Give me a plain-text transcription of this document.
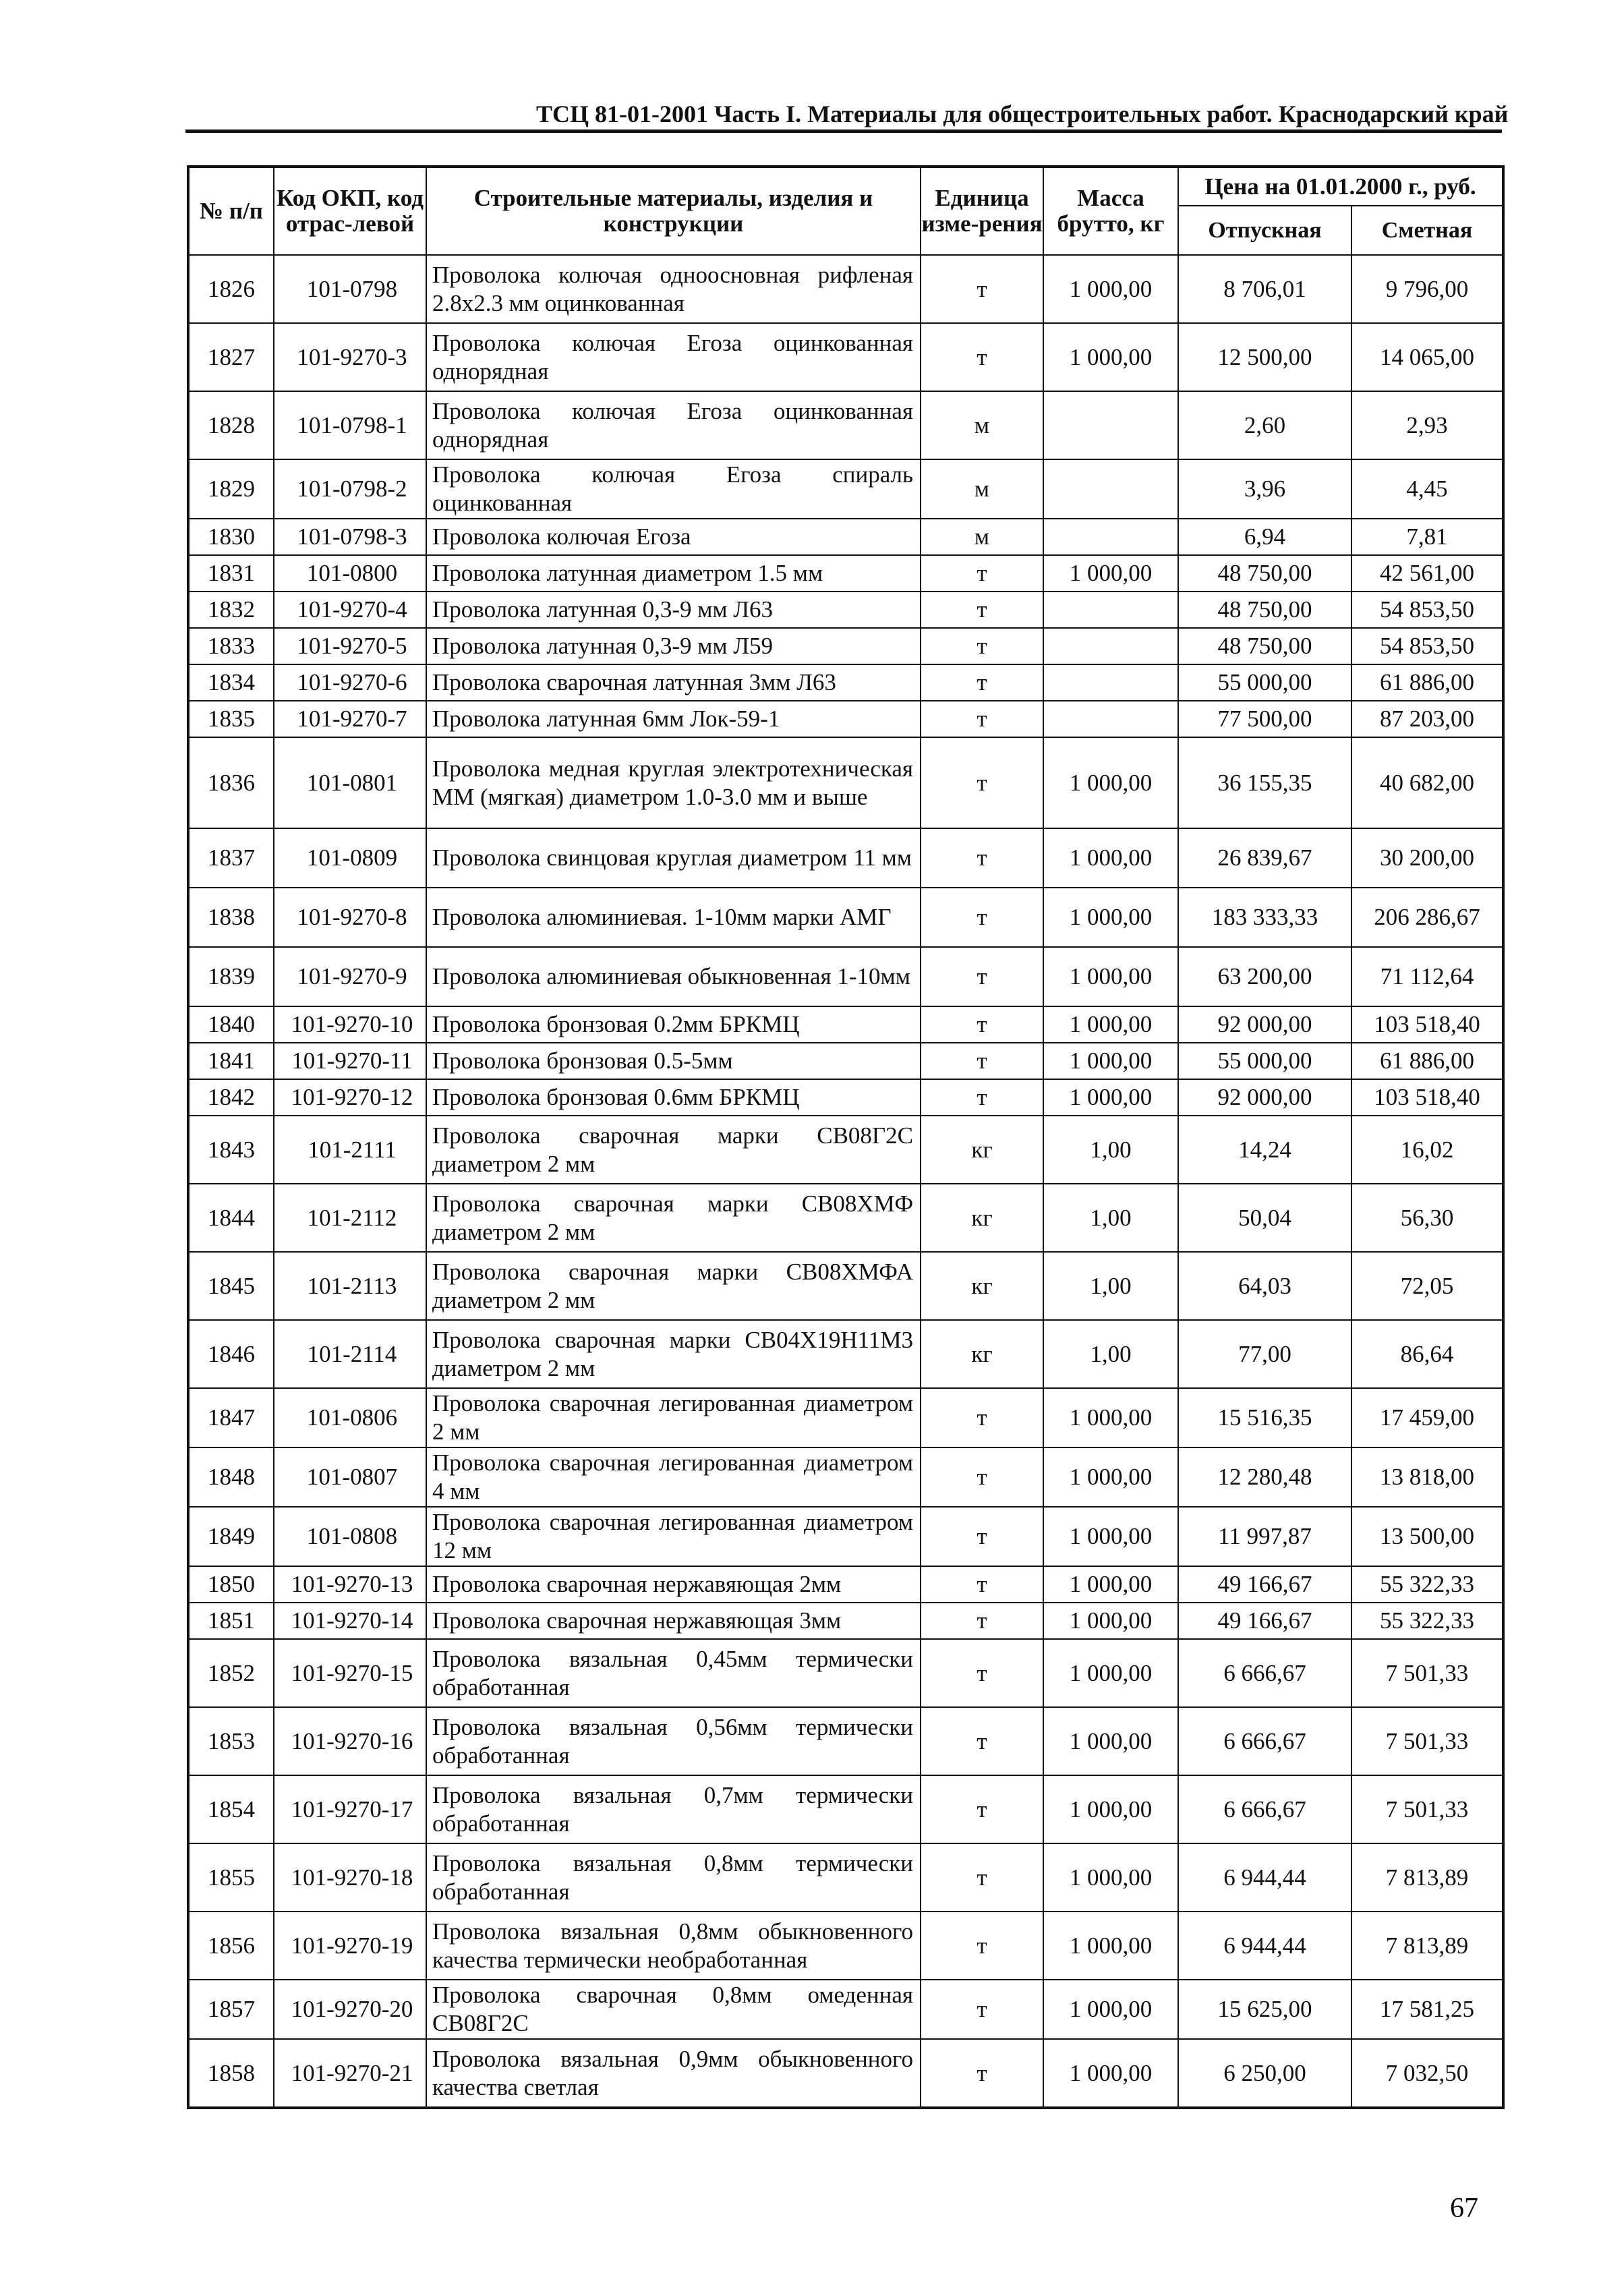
ТСЦ 81-01-2001 Часть I. Материалы для общестроительных работ. Краснодарский край
№ п/п	Код ОКП, код отрас-левой	Строительные материалы, изделия и конструкции	Единица изме-рения	Масса брутто, кг	Цена на 01.01.2000 г., руб.	
					Отпускная	Сметная
1826	101-0798	Проволока колючая одноосновная рифленая 2.8х2.3 мм оцинкованная	т	1 000,00	8 706,01	9 796,00
1827	101-9270-3	Проволока колючая Егоза оцинкованная однорядная	т	1 000,00	12 500,00	14 065,00
1828	101-0798-1	Проволока колючая Егоза оцинкованная однорядная	м		2,60	2,93
1829	101-0798-2	Проволока колючая Егоза спираль оцинкованная	м		3,96	4,45
1830	101-0798-3	Проволока колючая Егоза	м		6,94	7,81
1831	101-0800	Проволока латунная диаметром 1.5 мм	т	1 000,00	48 750,00	42 561,00
1832	101-9270-4	Проволока латунная 0,3-9 мм Л63	т		48 750,00	54 853,50
1833	101-9270-5	Проволока латунная 0,3-9 мм Л59	т		48 750,00	54 853,50
1834	101-9270-6	Проволока сварочная латунная 3мм Л63	т		55 000,00	61 886,00
1835	101-9270-7	Проволока латунная 6мм Лок-59-1	т		77 500,00	87 203,00
1836	101-0801	Проволока медная круглая электротехническая ММ (мягкая) диаметром 1.0-3.0 мм и выше	т	1 000,00	36 155,35	40 682,00
1837	101-0809	Проволока свинцовая круглая диаметром 11 мм	т	1 000,00	26 839,67	30 200,00
1838	101-9270-8	Проволока алюминиевая. 1-10мм марки АМГ	т	1 000,00	183 333,33	206 286,67
1839	101-9270-9	Проволока алюминиевая обыкновенная 1-10мм	т	1 000,00	63 200,00	71 112,64
1840	101-9270-10	Проволока бронзовая 0.2мм БРКМЦ	т	1 000,00	92 000,00	103 518,40
1841	101-9270-11	Проволока бронзовая 0.5-5мм	т	1 000,00	55 000,00	61 886,00
1842	101-9270-12	Проволока бронзовая 0.6мм БРКМЦ	т	1 000,00	92 000,00	103 518,40
1843	101-2111	Проволока сварочная марки СВ08Г2С диаметром 2 мм	кг	1,00	14,24	16,02
1844	101-2112	Проволока сварочная марки СВ08ХМФ диаметром 2 мм	кг	1,00	50,04	56,30
1845	101-2113	Проволока сварочная марки СВ08ХМФА диаметром 2 мм	кг	1,00	64,03	72,05
1846	101-2114	Проволока сварочная марки СВ04Х19Н11М3 диаметром 2 мм	кг	1,00	77,00	86,64
1847	101-0806	Проволока сварочная легированная диаметром 2 мм	т	1 000,00	15 516,35	17 459,00
1848	101-0807	Проволока сварочная легированная диаметром 4 мм	т	1 000,00	12 280,48	13 818,00
1849	101-0808	Проволока сварочная легированная диаметром 12 мм	т	1 000,00	11 997,87	13 500,00
1850	101-9270-13	Проволока сварочная нержавяющая 2мм	т	1 000,00	49 166,67	55 322,33
1851	101-9270-14	Проволока сварочная нержавяющая 3мм	т	1 000,00	49 166,67	55 322,33
1852	101-9270-15	Проволока вязальная 0,45мм термически обработанная	т	1 000,00	6 666,67	7 501,33
1853	101-9270-16	Проволока вязальная 0,56мм термически обработанная	т	1 000,00	6 666,67	7 501,33
1854	101-9270-17	Проволока вязальная 0,7мм термически обработанная	т	1 000,00	6 666,67	7 501,33
1855	101-9270-18	Проволока вязальная 0,8мм термически обработанная	т	1 000,00	6 944,44	7 813,89
1856	101-9270-19	Проволока вязальная 0,8мм обыкновенного качества термически необработанная	т	1 000,00	6 944,44	7 813,89
1857	101-9270-20	Проволока сварочная 0,8мм омеденная СВ08Г2С	т	1 000,00	15 625,00	17 581,25
1858	101-9270-21	Проволока вязальная 0,9мм обыкновенного качества светлая	т	1 000,00	6 250,00	7 032,50
67
